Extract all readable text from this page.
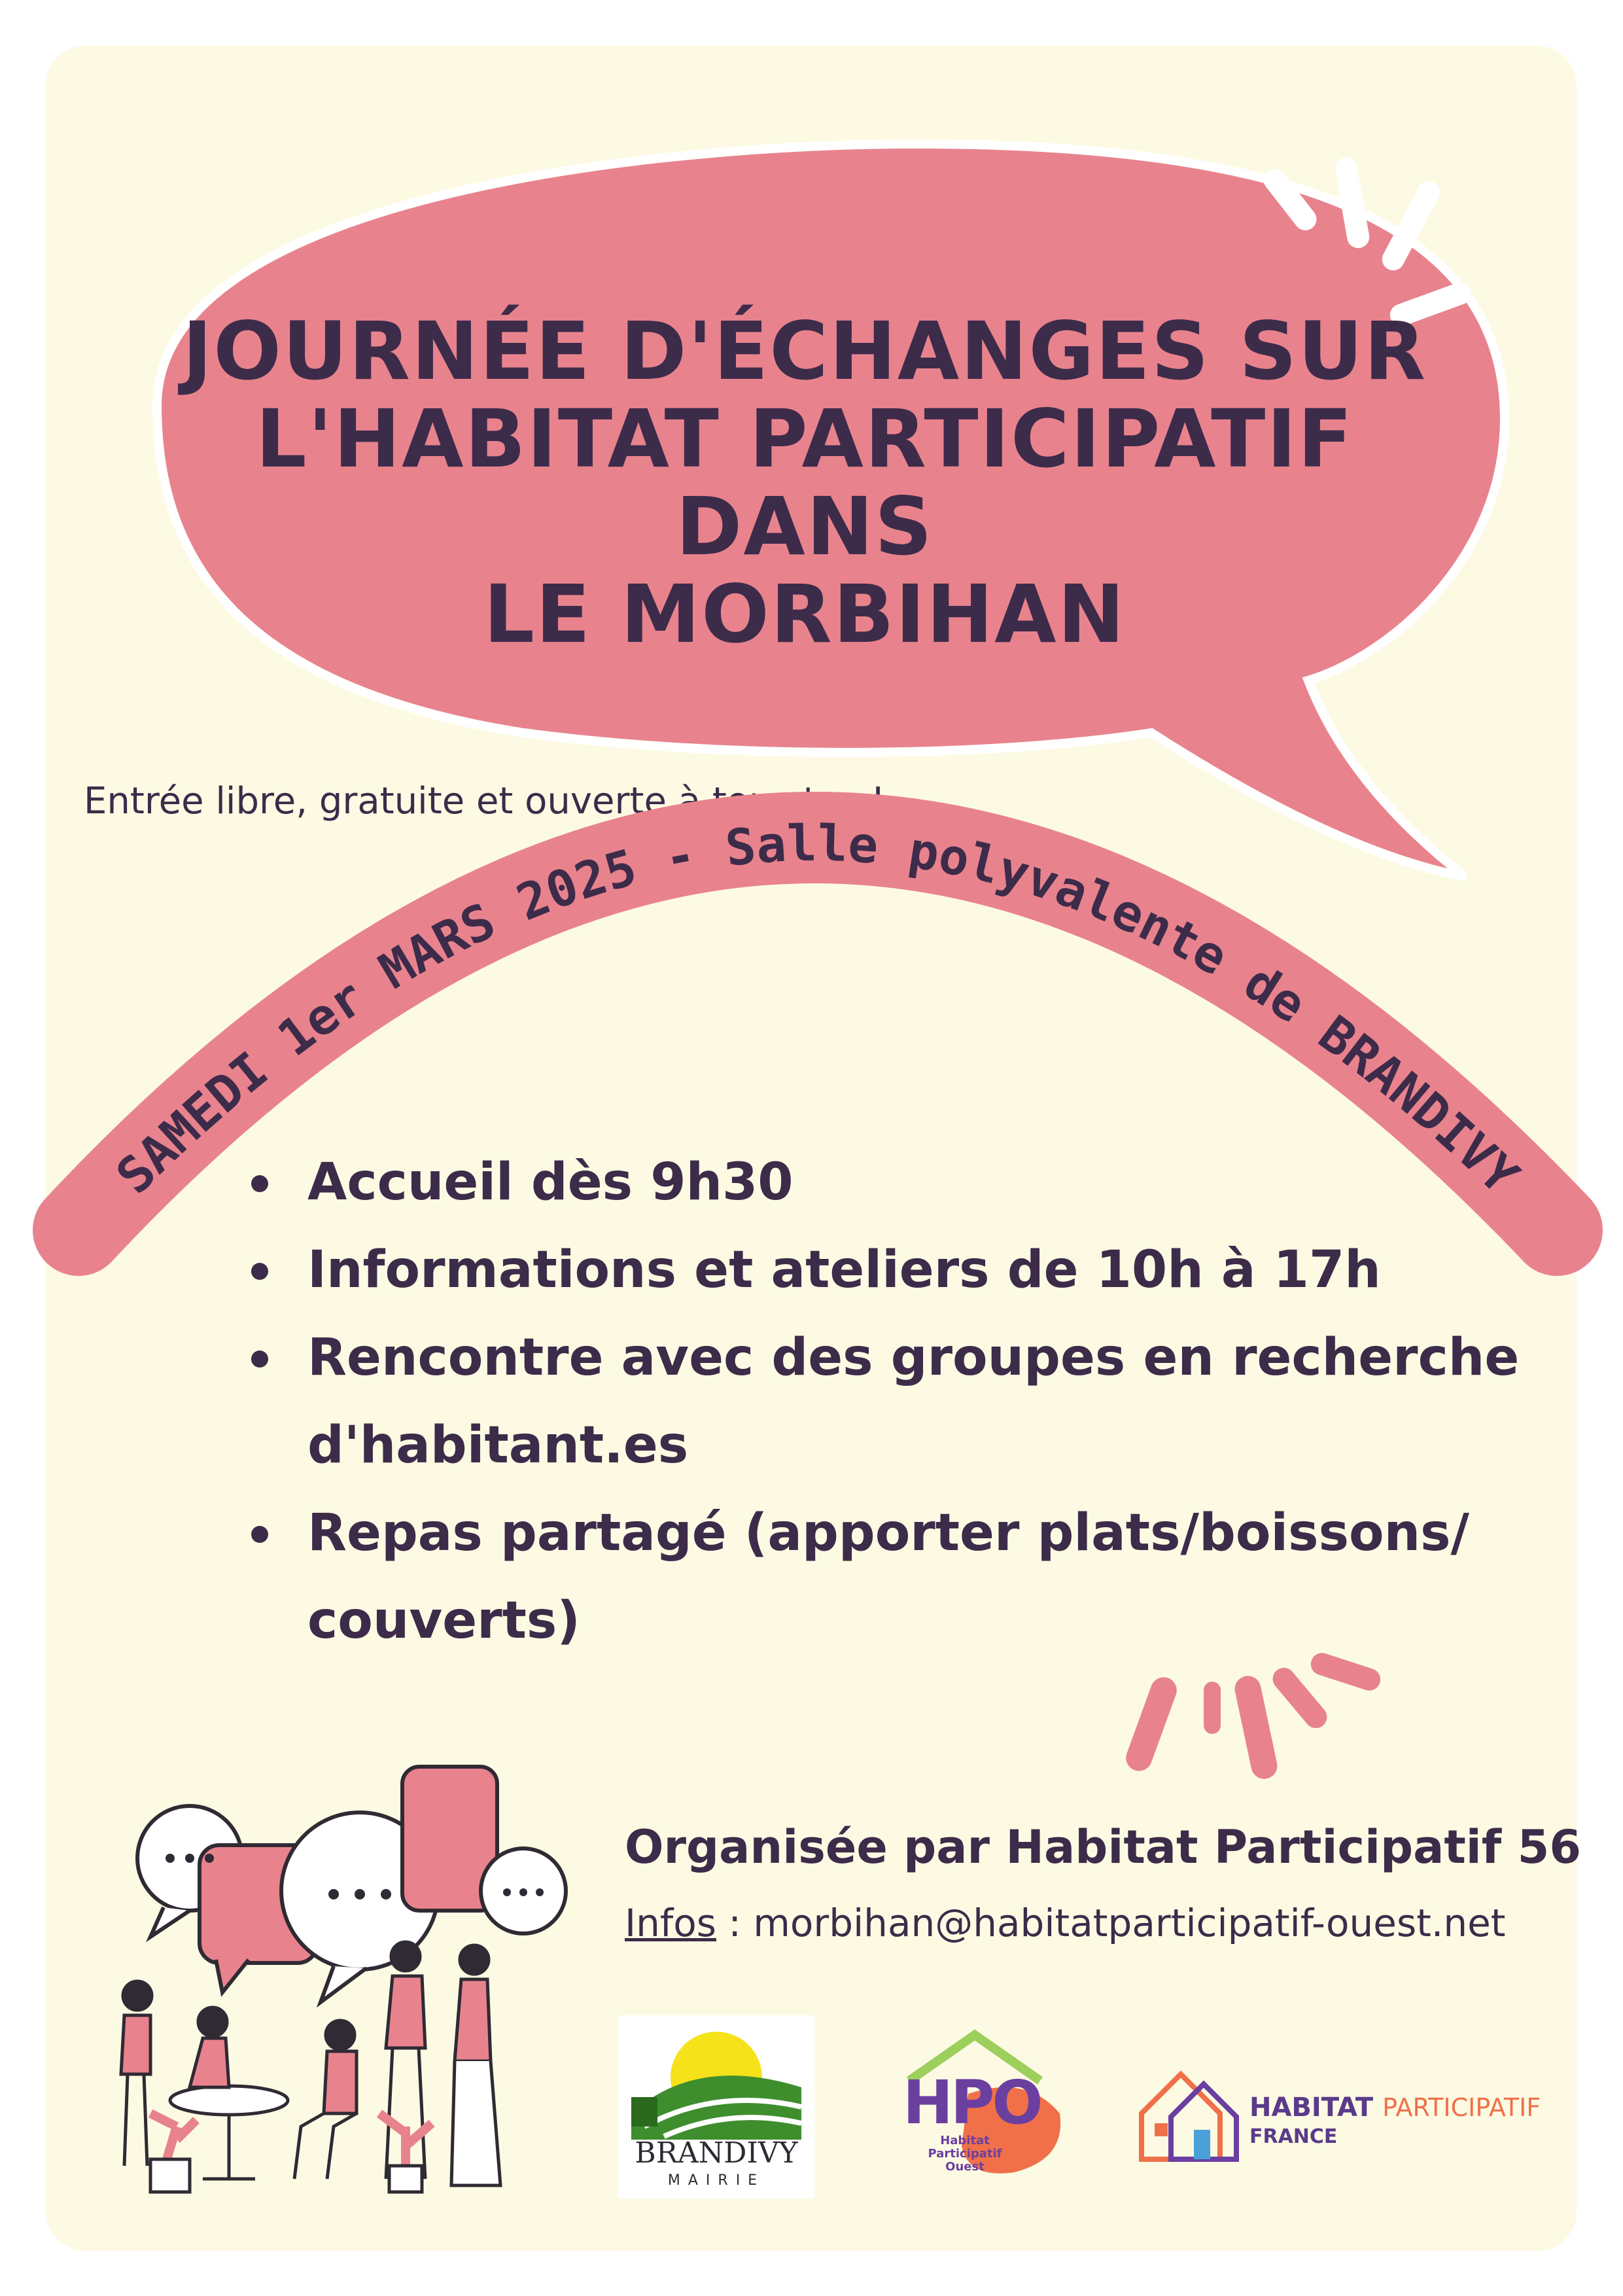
JOURNÉE D'ÉCHANGES SUR
L'HABITAT PARTICIPATIF DANS
LE MORBIHAN
Entrée libre, gratuite et ouverte à tous.tes !
SAMEDI 1er MARS 2025 - Salle polyvalente de BRANDIVY
Accueil dès 9h30
Informations et ateliers de 10h à 17h
Rencontre avec des groupes en recherche
d'habitant.es
Repas partagé (apporter plats/boissons/
couverts)
Organisée par Habitat Participatif 56
Infos : morbihan@habitatparticipatif-ouest.net
BRANDIVY
MAIRIE
HPO
Habitat
Participatif
Ouest
HABITAT PARTICIPATIF
FRANCE
